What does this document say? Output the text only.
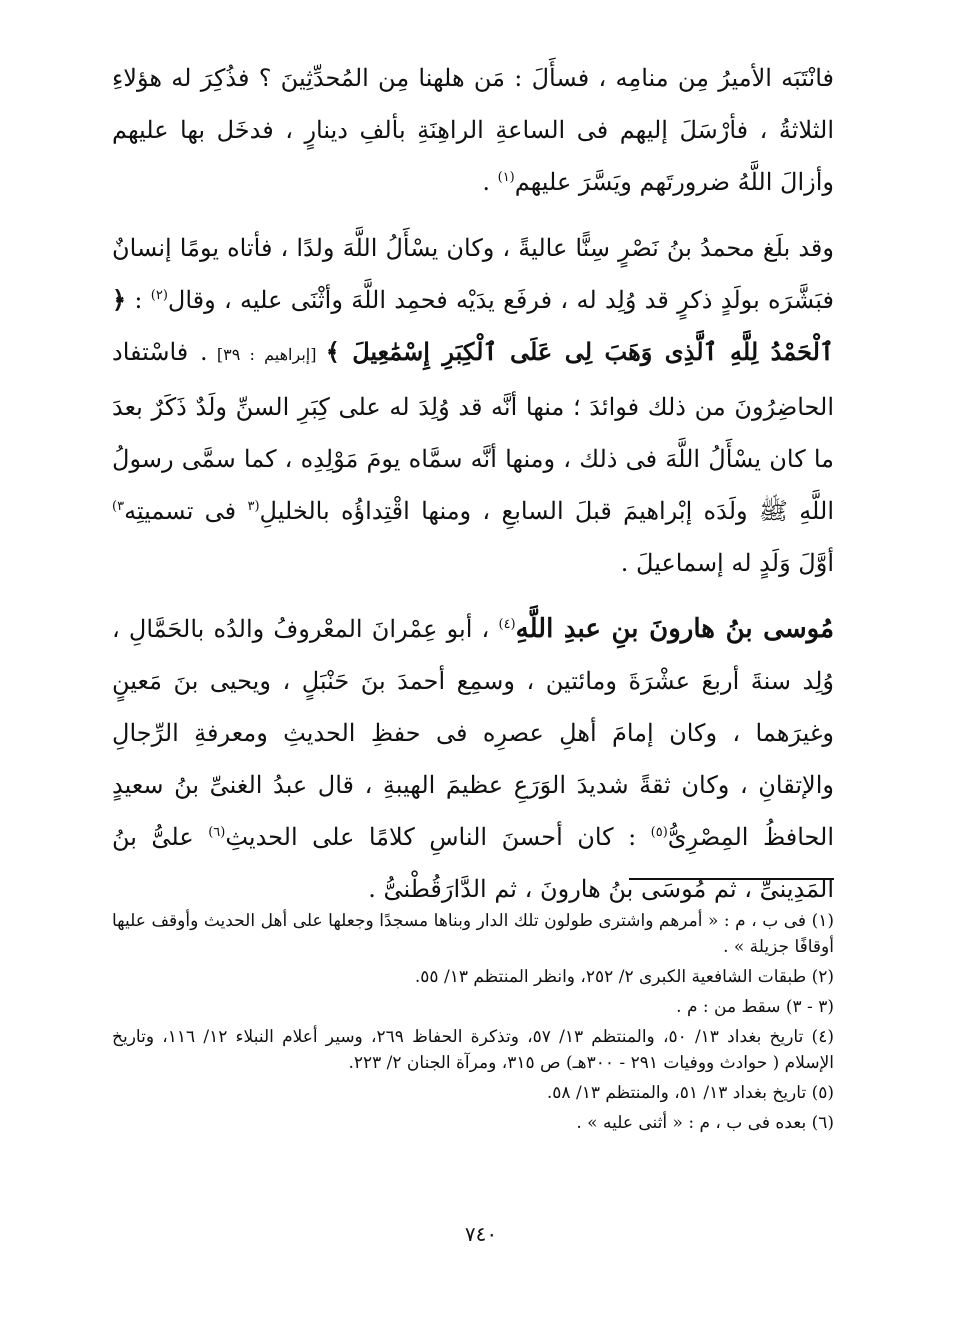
فانْتَبَه الأميرُ مِن منامِه ، فسأَلَ : مَن هلهنا مِن المُحدِّثِينَ ؟ فذُكِرَ له هؤلاءِ الثلاثةُ ، فأرْسَلَ إليهم فى الساعةِ الراهِنَةِ بألفِ دينارٍ ، فدخَل بها عليهم وأزالَ اللَّهُ ضرورتَهم ويَسَّرَ عليهم$^{(١)}$ .

وقد بلَغ محمدُ بنُ نَصْرٍ سِنًّا عاليةً ، وكان يسْأَلُ اللَّهَ ولدًا ، فأتاه يومًا إنسانٌ فبَشَّرَه بولَدٍ ذكرٍ قد وُلِد له ، فرفَع يدَيْه فحمِد اللَّهَ وأثْنَى عليه ، وقال$^{(٢)}$ : ﴿ ٱلْحَمْدُ لِلَّهِ ٱلَّذِى وَهَبَ لِى عَلَى ٱلْكِبَرِ إِسْمَٰعِيلَ ﴾ [إبراهيم : ٣٩] . فاسْتفاد الحاضِرُونَ من ذلك فوائدَ ؛ منها أنَّه قد وُلِدَ له على كِبَرِ السنِّ ولَدٌ ذَكَرٌ بعدَ ما كان يسْأَلُ اللَّهَ فى ذلك ، ومنها أنَّه سمَّاه يومَ مَوْلِدِه ، كما سمَّى رسولُ اللَّهِ ﷺ ولَدَه إبْراهيمَ قبلَ السابعِ ، ومنها اقْتِداؤُه بالخليلِ$^{(٣}$ فى تسميتِه$^{٣)}$ أوَّلَ وَلَدٍ له إسماعيلَ .

مُوسى بنُ هارونَ بنِ عبدِ اللَّهِ$^{(٤)}$ ، أبو عِمْرانَ المعْروفُ والدُه بالحَمَّالِ ، وُلِد سنةَ أربعَ عشْرَةَ ومائتين ، وسمِع أحمدَ بنَ حَنْبَلٍ ، ويحيى بنَ مَعينٍ وغيرَهما ، وكان إمامَ أهلِ عصرِه فى حفظِ الحديثِ ومعرفةِ الرِّجالِ والإتقانِ ، وكان ثقةً شديدَ الوَرَعِ عظيمَ الهيبةِ ، قال عبدُ الغنىِّ بنُ سعيدٍ الحافظُ المِصْرِىُّ$^{(٥)}$ : كان أحسنَ الناسِ كلامًا على الحديثِ$^{(٦)}$ علىُّ بنُ المَدِينىِّ ، ثم مُوسَى بنُ هارونَ ، ثم الدَّارَقُطْنىُّ .

(١) فى ب ، م : « أمرهم واشترى طولون تلك الدار وبناها مسجدًا وجعلها على أهل الحديث وأوقف عليها أوقافًا جزيلة » .

(٢) طبقات الشافعية الكبرى ٢/ ٢٥٢، وانظر المنتظم ١٣/ ٥٥.

(٣ - ٣) سقط من : م .

(٤) تاريخ بغداد ١٣/ ٥٠، والمنتظم ١٣/ ٥٧، وتذكرة الحفاظ ٢٦٩، وسير أعلام النبلاء ١٢/ ١١٦، وتاريخ الإسلام ( حوادث ووفيات ٢٩١ - ٣٠٠هـ) ص ٣١٥، ومرآة الجنان ٢/ ٢٢٣.

(٥) تاريخ بغداد ١٣/ ٥١، والمنتظم ١٣/ ٥٨.

(٦) بعده فى ب ، م : « أثنى عليه » .

٧٤٠
